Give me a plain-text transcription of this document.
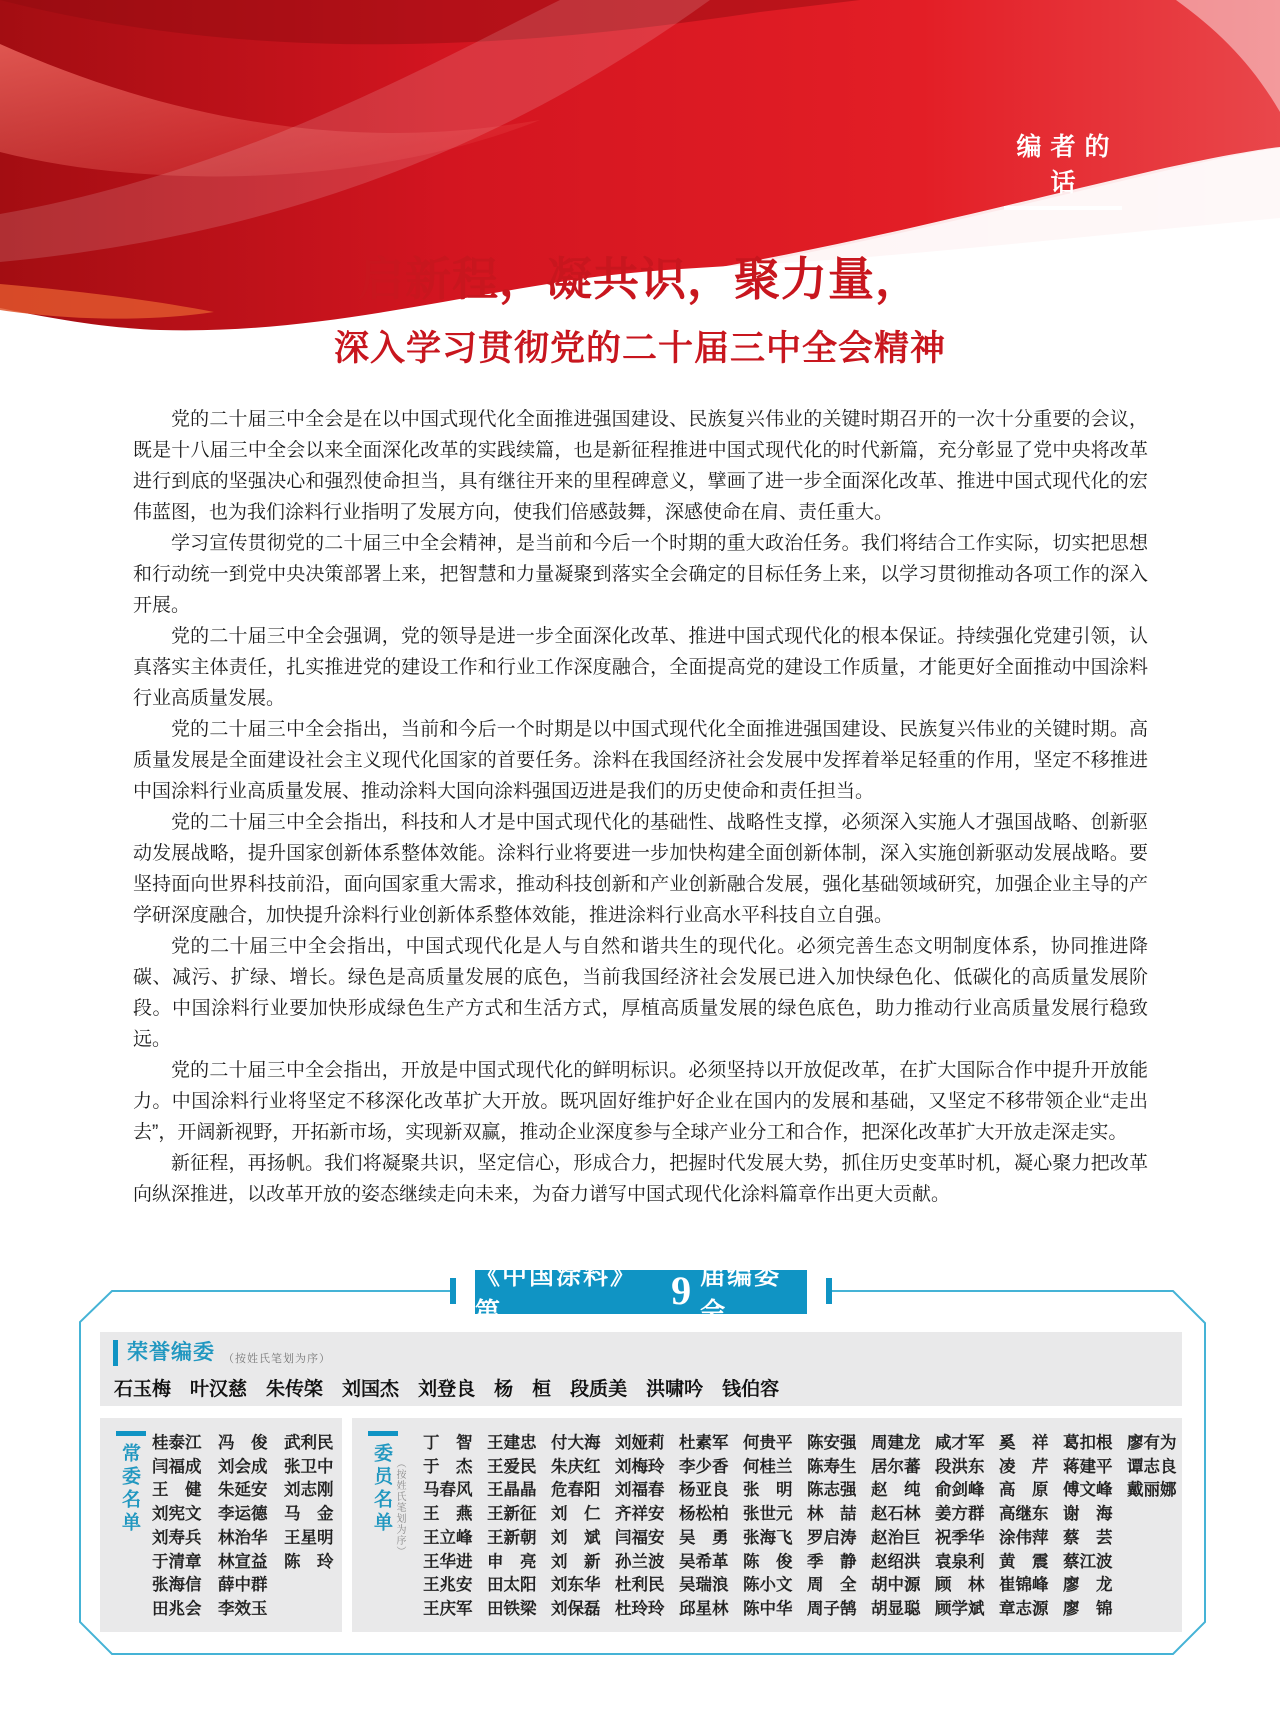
编者的话
启新程，凝共识，聚力量，
深入学习贯彻党的二十届三中全会精神

党的二十届三中全会是在以中国式现代化全面推进强国建设、民族复兴伟业的关键时期召开的一次十分重要的会议，既是十八届三中全会以来全面深化改革的实践续篇，也是新征程推进中国式现代化的时代新篇，充分彰显了党中央将改革进行到底的坚强决心和强烈使命担当，具有继往开来的里程碑意义，擘画了进一步全面深化改革、推进中国式现代化的宏伟蓝图，也为我们涂料行业指明了发展方向，使我们倍感鼓舞，深感使命在肩、责任重大。

学习宣传贯彻党的二十届三中全会精神，是当前和今后一个时期的重大政治任务。我们将结合工作实际，切实把思想和行动统一到党中央决策部署上来，把智慧和力量凝聚到落实全会确定的目标任务上来，以学习贯彻推动各项工作的深入开展。

党的二十届三中全会强调，党的领导是进一步全面深化改革、推进中国式现代化的根本保证。持续强化党建引领，认真落实主体责任，扎实推进党的建设工作和行业工作深度融合，全面提高党的建设工作质量，才能更好全面推动中国涂料行业高质量发展。

党的二十届三中全会指出，当前和今后一个时期是以中国式现代化全面推进强国建设、民族复兴伟业的关键时期。高质量发展是全面建设社会主义现代化国家的首要任务。涂料在我国经济社会发展中发挥着举足轻重的作用，坚定不移推进中国涂料行业高质量发展、推动涂料大国向涂料强国迈进是我们的历史使命和责任担当。

党的二十届三中全会指出，科技和人才是中国式现代化的基础性、战略性支撑，必须深入实施人才强国战略、创新驱动发展战略，提升国家创新体系整体效能。涂料行业将要进一步加快构建全面创新体制，深入实施创新驱动发展战略。要坚持面向世界科技前沿，面向国家重大需求，推动科技创新和产业创新融合发展，强化基础领域研究，加强企业主导的产学研深度融合，加快提升涂料行业创新体系整体效能，推进涂料行业高水平科技自立自强。

党的二十届三中全会指出，中国式现代化是人与自然和谐共生的现代化。必须完善生态文明制度体系，协同推进降碳、减污、扩绿、增长。绿色是高质量发展的底色，当前我国经济社会发展已进入加快绿色化、低碳化的高质量发展阶段。中国涂料行业要加快形成绿色生产方式和生活方式，厚植高质量发展的绿色底色，助力推动行业高质量发展行稳致远。

党的二十届三中全会指出，开放是中国式现代化的鲜明标识。必须坚持以开放促改革，在扩大国际合作中提升开放能力。中国涂料行业将坚定不移深化改革扩大开放。既巩固好维护好企业在国内的发展和基础，又坚定不移带领企业“走出去”，开阔新视野，开拓新市场，实现新双赢，推动企业深度参与全球产业分工和合作，把深化改革扩大开放走深走实。

新征程，再扬帆。我们将凝聚共识，坚定信心，形成合力，把握时代发展大势，抓住历史变革时机，凝心聚力把改革向纵深推进，以改革开放的姿态继续走向未来，为奋力谱写中国式现代化涂料篇章作出更大贡献。

《中国涂料》第	9 届编委会
荣誉编委 （按姓氏笔划为序）
石玉梅 叶汉慈 朱传棨 刘国杰 刘登良 杨　桓 段质美 洪啸吟 钱伯容
常委名单 桂泰江
闫福成
王　健
刘宪文
刘寿兵
于清章
张海信
田兆会
冯　俊
刘会成
朱延安
李运德
林治华
林宣益
薛中群
李效玉
武利民
张卫中
刘志刚
马　金
王星明
陈　玲
委员名单 （按姓氏笔划为序）
丁　智
于　杰
马春风
王　燕
王立峰
王华进
王兆安
王庆军
王建忠
王爱民
王晶晶
王新征
王新朝
申　亮
田太阳
田铁梁
付大海
朱庆红
危春阳
刘　仁
刘　斌
刘　新
刘东华
刘保磊
刘娅莉
刘梅玲
刘福春
齐祥安
闫福安
孙兰波
杜利民
杜玲玲
杜素军
李少香
杨亚良
杨松柏
吴　勇
吴希革
吴瑞浪
邱星林
何贵平
何桂兰
张　明
张世元
张海飞
陈　俊
陈小文
陈中华
陈安强
陈寿生
陈志强
林　喆
罗启涛
季　静
周　全
周子鹄
周建龙
居尔蕃
赵　纯
赵石林
赵治巨
赵绍洪
胡中源
胡显聪
咸才军
段洪东
俞剑峰
姜方群
祝季华
袁泉利
顾　林
顾学斌
奚　祥
凌　芹
高　原
高继东
涂伟萍
黄　震
崔锦峰
章志源
葛扣根
蒋建平
傅文峰
谢　海
蔡　芸
蔡江波
廖　龙
廖　锦
廖有为
谭志良
戴丽娜
